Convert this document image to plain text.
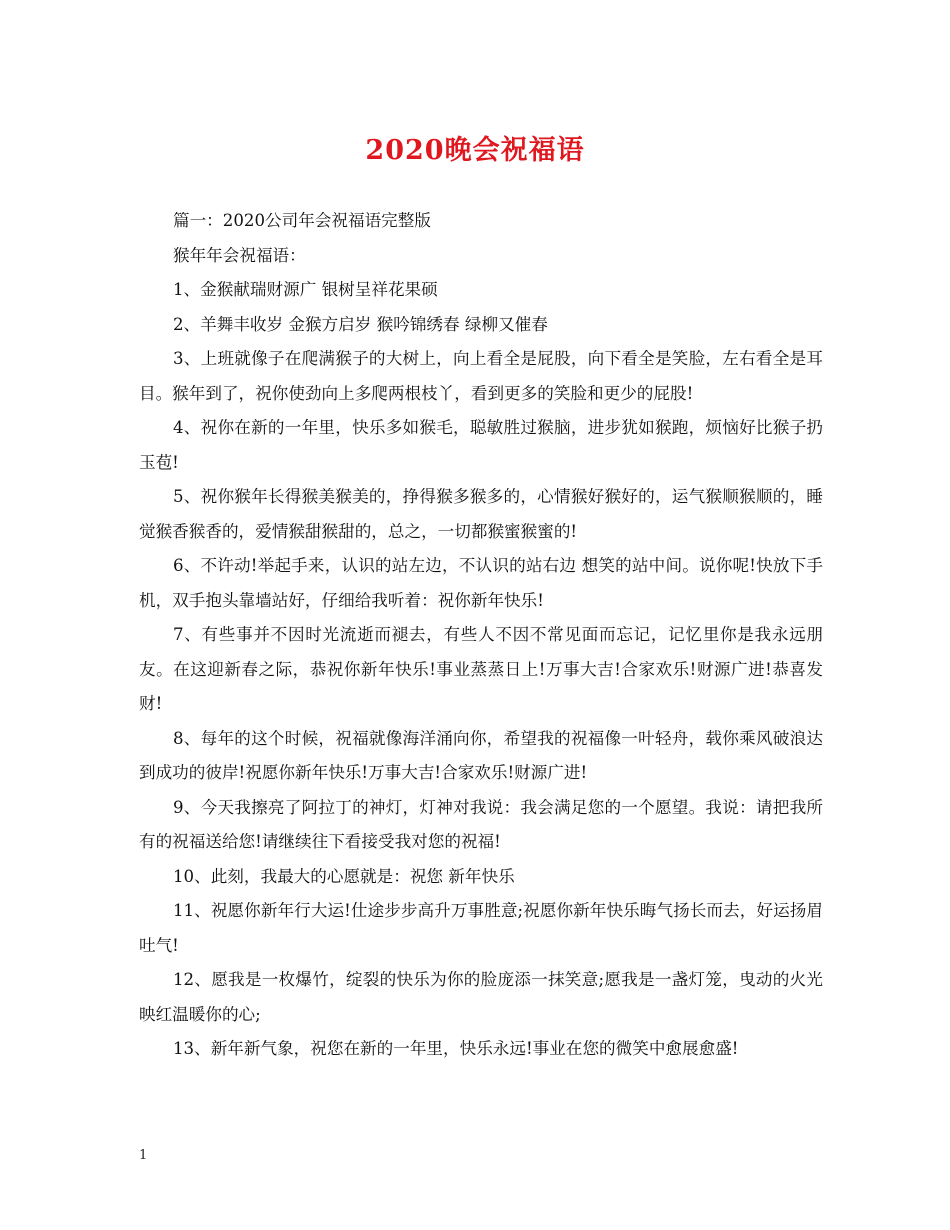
2020晚会祝福语

篇一：2020公司年会祝福语完整版

猴年年会祝福语：

1、金猴献瑞财源广 银树呈祥花果硕

2、羊舞丰收岁 金猴方启岁 猴吟锦绣春 绿柳又催春

3、上班就像子在爬满猴子的大树上，向上看全是屁股，向下看全是笑脸，左右看全是耳目。猴年到了，祝你使劲向上多爬两根枝丫，看到更多的笑脸和更少的屁股!

4、祝你在新的一年里，快乐多如猴毛，聪敏胜过猴脑，进步犹如猴跑，烦恼好比猴子扔玉苞!

5、祝你猴年长得猴美猴美的，挣得猴多猴多的，心情猴好猴好的，运气猴顺猴顺的，睡觉猴香猴香的，爱情猴甜猴甜的，总之，一切都猴蜜猴蜜的!

6、不许动!举起手来，认识的站左边，不认识的站右边 想笑的站中间。说你呢!快放下手机，双手抱头靠墙站好，仔细给我听着：祝你新年快乐!

7、有些事并不因时光流逝而褪去，有些人不因不常见面而忘记，记忆里你是我永远朋友。在这迎新春之际，恭祝你新年快乐!事业蒸蒸日上!万事大吉!合家欢乐!财源广进!恭喜发财!

8、每年的这个时候，祝福就像海洋涌向你，希望我的祝福像一叶轻舟，载你乘风破浪达到成功的彼岸!祝愿你新年快乐!万事大吉!合家欢乐!财源广进!

9、今天我擦亮了阿拉丁的神灯，灯神对我说：我会满足您的一个愿望。我说：请把我所有的祝福送给您!请继续往下看接受我对您的祝福!

10、此刻，我最大的心愿就是：祝您 新年快乐

11、祝愿你新年行大运!仕途步步高升万事胜意;祝愿你新年快乐晦气扬长而去，好运扬眉吐气!

12、愿我是一枚爆竹，绽裂的快乐为你的脸庞添一抹笑意;愿我是一盏灯笼，曳动的火光映红温暖你的心;

13、新年新气象，祝您在新的一年里，快乐永远!事业在您的微笑中愈展愈盛!

1
